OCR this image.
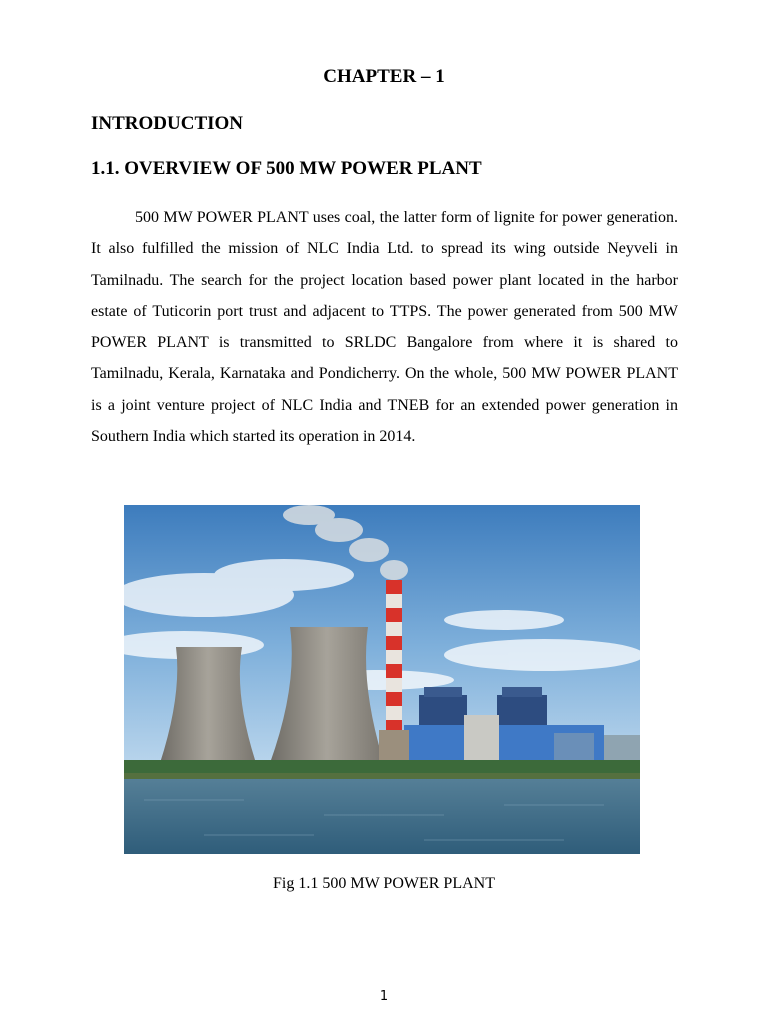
CHAPTER – 1
INTRODUCTION
1.1. OVERVIEW OF 500 MW POWER PLANT

500 MW POWER PLANT uses coal, the latter form of lignite for power generation. It also fulfilled the mission of NLC India Ltd. to spread its wing outside Neyveli in Tamilnadu. The search for the project location based power plant located in the harbor estate of Tuticorin port trust and adjacent to TTPS. The power generated from 500 MW POWER PLANT is transmitted to SRLDC Bangalore from where it is shared to Tamilnadu, Kerala, Karnataka and Pondicherry. On the whole, 500 MW POWER PLANT is a joint venture project of NLC India and TNEB for an extended power generation in Southern India which started its operation in 2014.

Fig 1.1 500 MW POWER PLANT
1
